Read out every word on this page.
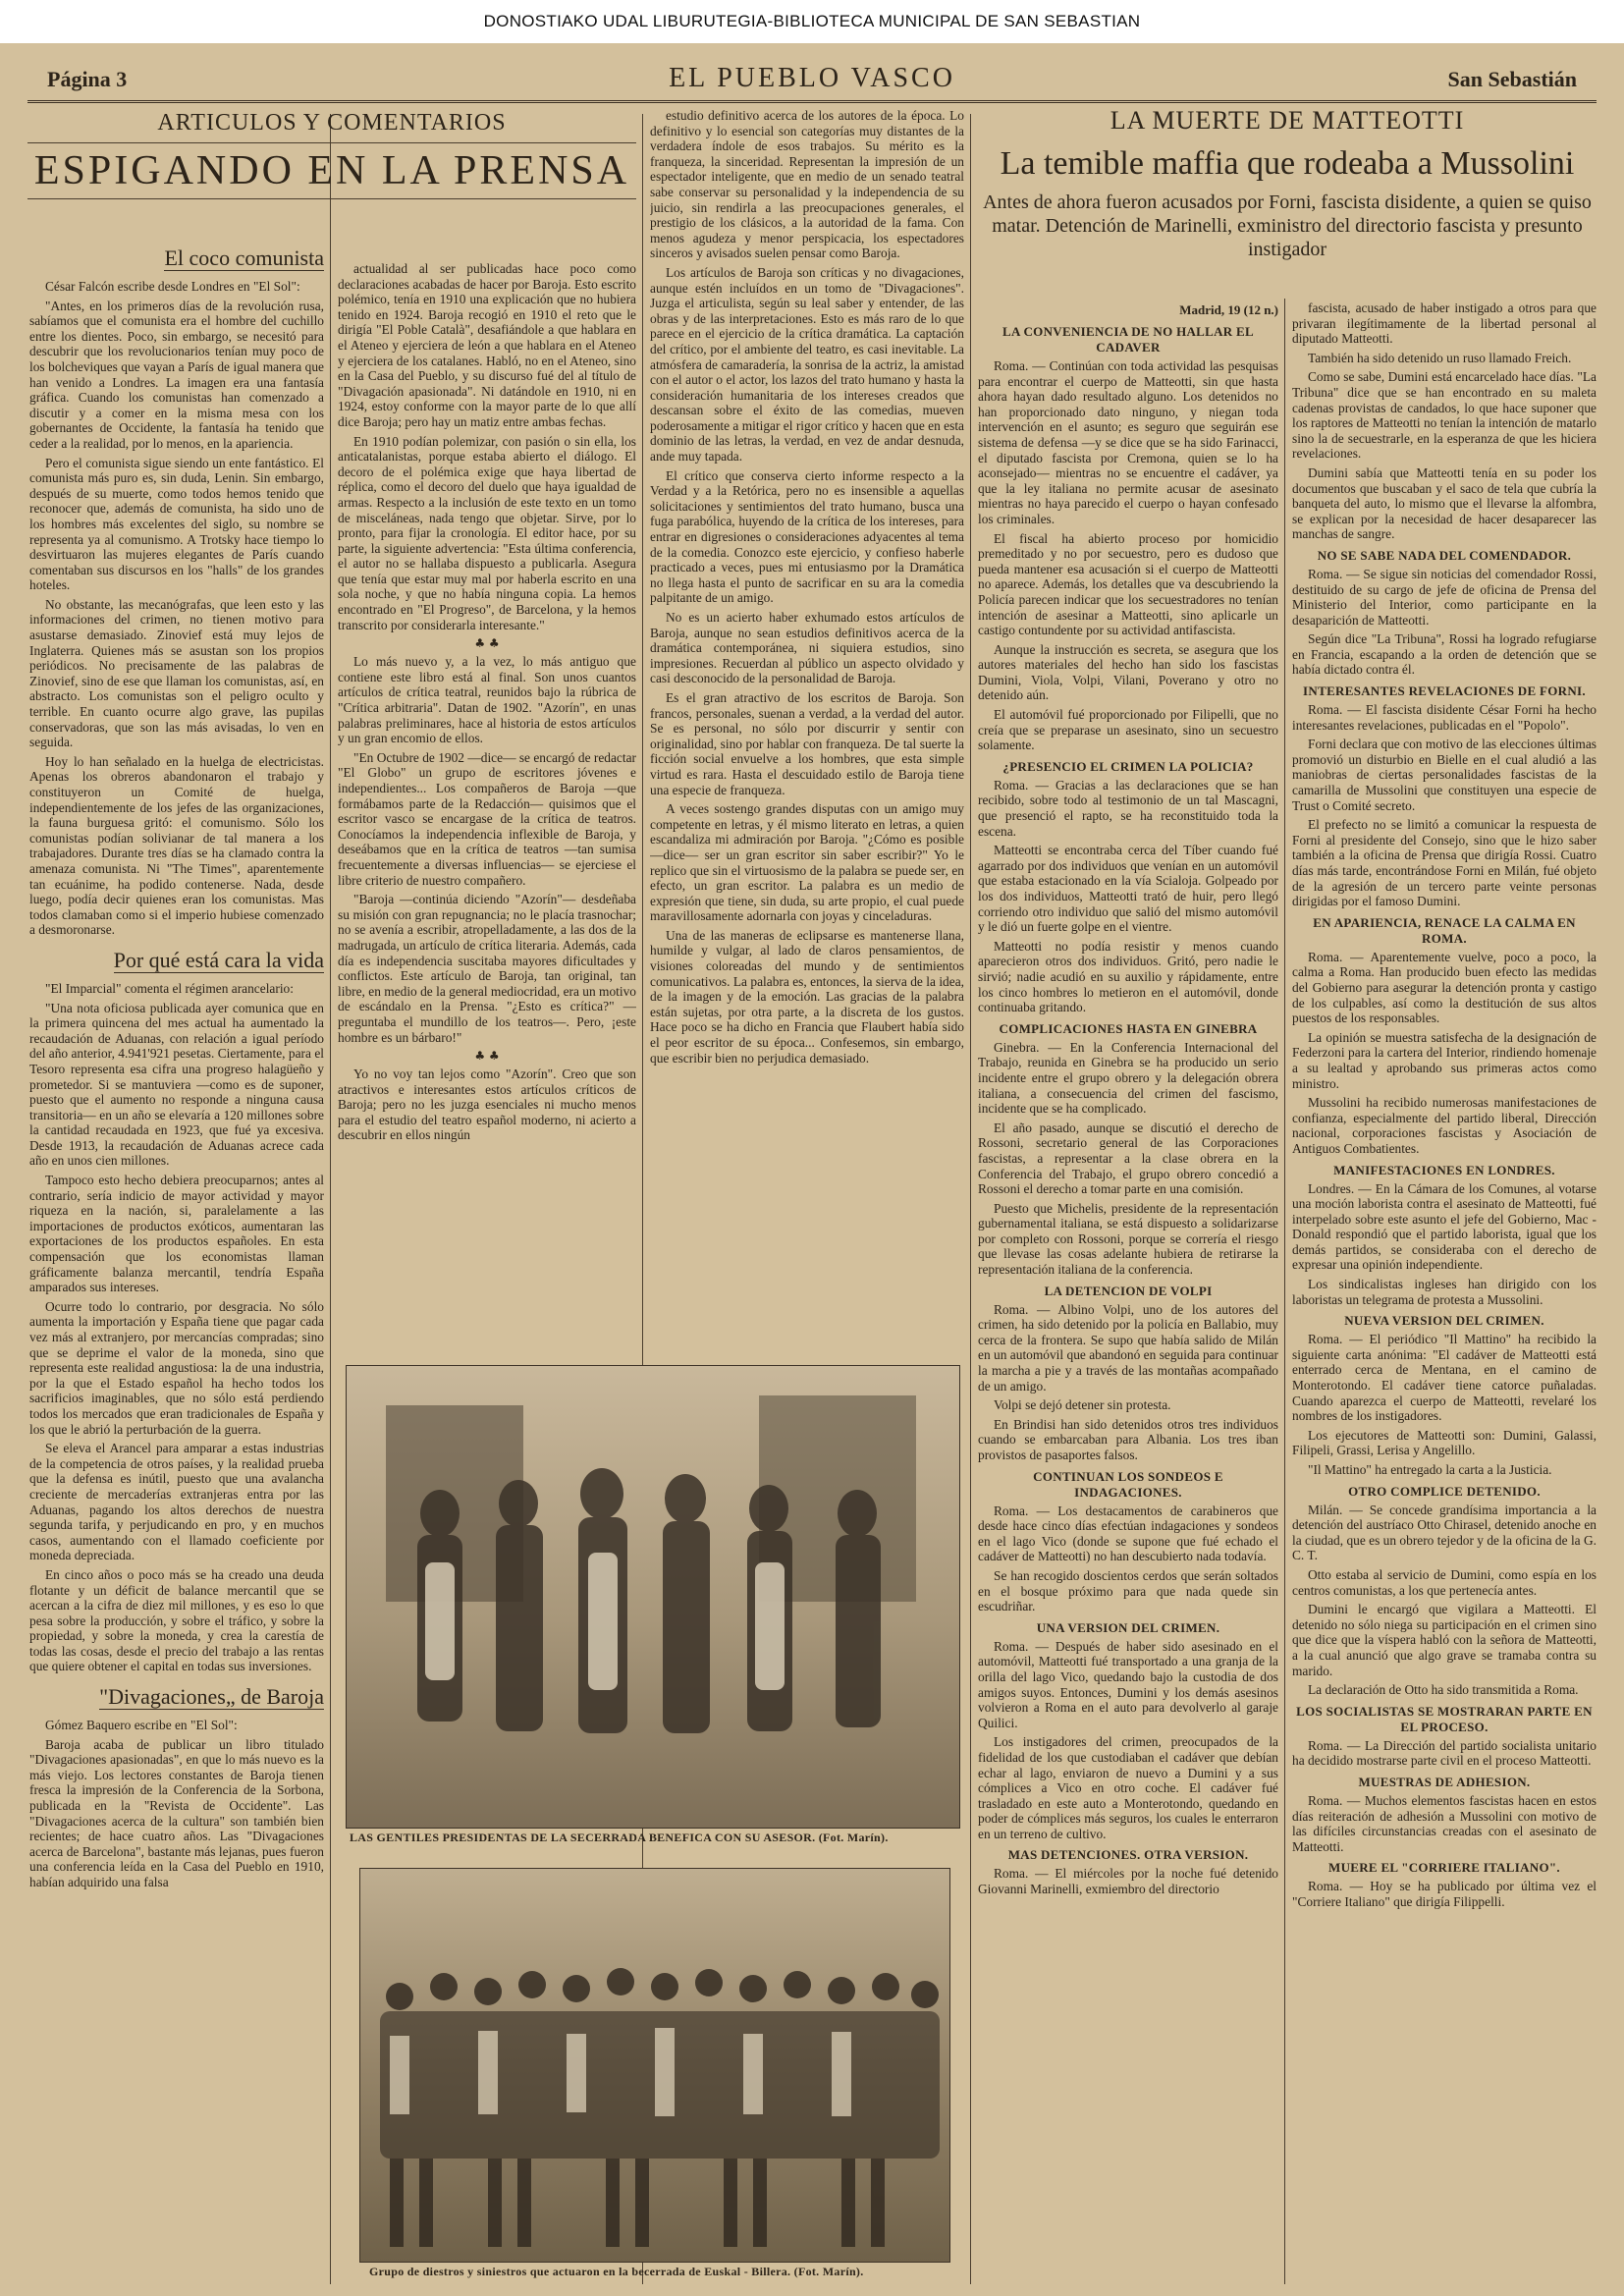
DONOSTIAKO UDAL LIBURUTEGIA-BIBLIOTECA MUNICIPAL DE SAN SEBASTIAN
Página 3	EL PUEBLO VASCO	San Sebastián
ARTICULOS Y COMENTARIOS
ESPIGANDO EN LA PRENSA
El coco comunista

César Falcón escribe desde Londres en "El Sol":

"Antes, en los primeros días de la revolución rusa, sabíamos que el comunista era el hombre del cuchillo entre los dientes. Poco, sin embargo, se necesitó para descubrir que los revolucionarios tenían muy poco de los bolcheviques que vayan a París de igual manera que han venido a Londres. La imagen era una fantasía gráfica. Cuando los comunistas han comenzado a discutir y a comer en la misma mesa con los gobernantes de Occidente, la fantasía ha tenido que ceder a la realidad, por lo menos, en la apariencia.

Pero el comunista sigue siendo un ente fantástico. El comunista más puro es, sin duda, Lenin. Sin embargo, después de su muerte, como todos hemos tenido que reconocer que, además de comunista, ha sido uno de los hombres más excelentes del siglo, su nombre se representa ya al comunismo. A Trotsky hace tiempo lo desvirtuaron las mujeres elegantes de París cuando comentaban sus discursos en los "halls" de los grandes hoteles.

No obstante, las mecanógrafas, que leen esto y las informaciones del crimen, no tienen motivo para asustarse demasiado. Zinovief está muy lejos de Inglaterra. Quienes más se asustan son los propios periódicos. No precisamente de las palabras de Zinovief, sino de ese que llaman los comunistas, así, en abstracto. Los comunistas son el peligro oculto y terrible. En cuanto ocurre algo grave, las pupilas conservadoras, que son las más avisadas, lo ven en seguida.

Hoy lo han señalado en la huelga de electricistas. Apenas los obreros abandonaron el trabajo y constituyeron un Comité de huelga, independientemente de los jefes de las organizaciones, la fauna burguesa gritó: el comunismo. Sólo los comunistas podían solivianar de tal manera a los trabajadores. Durante tres días se ha clamado contra la amenaza comunista. Ni "The Times", aparentemente tan ecuánime, ha podido contenerse. Nada, desde luego, podía decir quienes eran los comunistas. Mas todos clamaban como si el imperio hubiese comenzado a desmoronarse.

Por qué está cara la vida

"El Imparcial" comenta el régimen arancelario:

"Una nota oficiosa publicada ayer comunica que en la primera quincena del mes actual ha aumentado la recaudación de Aduanas, con relación a igual período del año anterior, 4.941'921 pesetas. Ciertamente, para el Tesoro representa esa cifra una progreso halagüeño y prometedor. Si se mantuviera —como es de suponer, puesto que el aumento no responde a ninguna causa transitoria— en un año se elevaría a 120 millones sobre la cantidad recaudada en 1923, que fué ya excesiva. Desde 1913, la recaudación de Aduanas acrece cada año en unos cien millones.

Tampoco esto hecho debiera preocuparnos; antes al contrario, sería indicio de mayor actividad y mayor riqueza en la nación, si, paralelamente a las importaciones de productos exóticos, aumentaran las exportaciones de los productos españoles. En esta compensación que los economistas llaman gráficamente balanza mercantil, tendría España amparados sus intereses.

Ocurre todo lo contrario, por desgracia. No sólo aumenta la importación y España tiene que pagar cada vez más al extranjero, por mercancías compradas; sino que se deprime el valor de la moneda, sino que representa este realidad angustiosa: la de una industria, por la que el Estado español ha hecho todos los sacrificios imaginables, que no sólo está perdiendo todos los mercados que eran tradicionales de España y los que le abrió la perturbación de la guerra.

Se eleva el Arancel para amparar a estas industrias de la competencia de otros países, y la realidad prueba que la defensa es inútil, puesto que una avalancha creciente de mercaderías extranjeras entra por las Aduanas, pagando los altos derechos de nuestra segunda tarifa, y perjudicando en pro, y en muchos casos, aumentando con el llamado coeficiente por moneda depreciada.

En cinco años o poco más se ha creado una deuda flotante y un déficit de balance mercantil que se acercan a la cifra de diez mil millones, y es eso lo que pesa sobre la producción, y sobre el tráfico, y sobre la propiedad, y sobre la moneda, y crea la carestía de todas las cosas, desde el precio del trabajo a las rentas que quiere obtener el capital en todas sus inversiones.

"Divagaciones„ de Baroja

Gómez Baquero escribe en "El Sol":

Baroja acaba de publicar un libro titulado "Divagaciones apasionadas", en que lo más nuevo es la más viejo. Los lectores constantes de Baroja tienen fresca la impresión de la Conferencia de la Sorbona, publicada en la "Revista de Occidente". Las "Divagaciones acerca de la cultura" son también bien recientes; de hace cuatro años. Las "Divagaciones acerca de Barcelona", bastante más lejanas, pues fueron una conferencia leída en la Casa del Pueblo en 1910, habían adquirido una falsa

actualidad al ser publicadas hace poco como declaraciones acabadas de hacer por Baroja. Esto escrito polémico, tenía en 1910 una explicación que no hubiera tenido en 1924. Baroja recogió en 1910 el reto que le dirigía "El Poble Català", desafiándole a que hablara en el Ateneo y ejerciera de león a que hablara en el Ateneo y ejerciera de los catalanes. Habló, no en el Ateneo, sino en la Casa del Pueblo, y su discurso fué del al título de "Divagación apasionada". Ni datándole en 1910, ni en 1924, estoy conforme con la mayor parte de lo que allí dice Baroja; pero hay un matiz entre ambas fechas.

En 1910 podían polemizar, con pasión o sin ella, los anticatalanistas, porque estaba abierto el diálogo. El decoro de el polémica exige que haya libertad de réplica, como el decoro del duelo que haya igualdad de armas. Respecto a la inclusión de este texto en un tomo de misceláneas, nada tengo que objetar. Sirve, por lo pronto, para fijar la cronología. El editor hace, por su parte, la siguiente advertencia: "Esta última conferencia, el autor no se hallaba dispuesto a publicarla. Asegura que tenía que estar muy mal por haberla escrito en una sola noche, y que no había ninguna copia. La hemos encontrado en "El Progreso", de Barcelona, y la hemos transcrito por considerarla interesante."

♣ ♣

Lo más nuevo y, a la vez, lo más antiguo que contiene este libro está al final. Son unos cuantos artículos de crítica teatral, reunidos bajo la rúbrica de "Crítica arbitraria". Datan de 1902. "Azorín", en unas palabras preliminares, hace al historia de estos artículos y un gran encomio de ellos.

"En Octubre de 1902 —dice— se encargó de redactar "El Globo" un grupo de escritores jóvenes e independientes... Los compañeros de Baroja —que formábamos parte de la Redacción— quisimos que el escritor vasco se encargase de la crítica de teatros. Conocíamos la independencia inflexible de Baroja, y deseábamos que en la crítica de teatros —tan sumisa frecuentemente a diversas influencias— se ejerciese el libre criterio de nuestro compañero.

"Baroja —continúa diciendo "Azorín"— desdeñaba su misión con gran repugnancia; no le placía trasnochar; no se avenía a escribir, atropelladamente, a las dos de la madrugada, un artículo de crítica literaria. Además, cada día es independencia suscitaba mayores dificultades y conflictos. Este artículo de Baroja, tan original, tan libre, en medio de la general mediocridad, era un motivo de escándalo en la Prensa. "¿Esto es crítica?" —preguntaba el mundillo de los teatros—. Pero, ¡este hombre es un bárbaro!"

♣ ♣

Yo no voy tan lejos como "Azorín". Creo que son atractivos e interesantes estos artículos críticos de Baroja; pero no les juzga esenciales ni mucho menos para el estudio del teatro español moderno, ni acierto a descubrir en ellos ningún

estudio definitivo acerca de los autores de la época. Lo definitivo y lo esencial son categorías muy distantes de la verdadera índole de esos trabajos. Su mérito es la franqueza, la sinceridad. Representan la impresión de un espectador inteligente, que en medio de un senado teatral sabe conservar su personalidad y la independencia de su juicio, sin rendirla a las preocupaciones generales, el prestigio de los clásicos, a la autoridad de la fama. Con menos agudeza y menor perspicacia, los espectadores sinceros y avisados suelen pensar como Baroja.

Los artículos de Baroja son críticas y no divagaciones, aunque estén incluídos en un tomo de "Divagaciones". Juzga el articulista, según su leal saber y entender, de las obras y de las interpretaciones. Esto es más raro de lo que parece en el ejercicio de la crítica dramática. La captación del crítico, por el ambiente del teatro, es casi inevitable. La atmósfera de camaradería, la sonrisa de la actriz, la amistad con el autor o el actor, los lazos del trato humano y hasta la consideración humanitaria de los intereses creados que descansan sobre el éxito de las comedias, mueven poderosamente a mitigar el rigor crítico y hacen que en esta dominio de las letras, la verdad, en vez de andar desnuda, ande muy tapada.

El crítico que conserva cierto informe respecto a la Verdad y a la Retórica, pero no es insensible a aquellas solicitaciones y sentimientos del trato humano, busca una fuga parabólica, huyendo de la crítica de los intereses, para entrar en digresiones o consideraciones adyacentes al tema de la comedia. Conozco este ejercicio, y confieso haberle practicado a veces, pues mi entusiasmo por la Dramática no llega hasta el punto de sacrificar en su ara la comedia palpitante de un amigo.

No es un acierto haber exhumado estos artículos de Baroja, aunque no sean estudios definitivos acerca de la dramática contemporánea, ni siquiera estudios, sino impresiones. Recuerdan al público un aspecto olvidado y casi desconocido de la personalidad de Baroja.

Es el gran atractivo de los escritos de Baroja. Son francos, personales, suenan a verdad, a la verdad del autor. Se es personal, no sólo por discurrir y sentir con originalidad, sino por hablar con franqueza. De tal suerte la ficción social envuelve a los hombres, que esta simple virtud es rara. Hasta el descuidado estilo de Baroja tiene una especie de franqueza.

A veces sostengo grandes disputas con un amigo muy competente en letras, y él mismo literato en letras, a quien escandaliza mi admiración por Baroja. "¿Cómo es posible —dice— ser un gran escritor sin saber escribir?" Yo le replico que sin el virtuosismo de la palabra se puede ser, en efecto, un gran escritor. La palabra es un medio de expresión que tiene, sin duda, su arte propio, el cual puede maravillosamente adornarla con joyas y cinceladuras.

Una de las maneras de eclipsarse es mantenerse llana, humilde y vulgar, al lado de claros pensamientos, de visiones coloreadas del mundo y de sentimientos comunicativos. La palabra es, entonces, la sierva de la idea, de la imagen y de la emoción. Las gracias de la palabra están sujetas, por otra parte, a la discreta de los gustos. Hace poco se ha dicho en Francia que Flaubert había sido el peor escritor de su época... Confesemos, sin embargo, que escribir bien no perjudica demasiado.

LAS GENTILES PRESIDENTAS DE LA SECERRADA BENEFICA CON SU ASESOR. (Fot. Marín).
Grupo de diestros y siniestros que actuaron en la becerrada de Euskal - Billera. (Fot. Marín).
LA MUERTE DE MATTEOTTI
La temible maffia que rodeaba a Mussolini
Antes de ahora fueron acusados por Forni, fascista disidente, a quien se quiso matar. Detención de Marinelli, exministro del directorio fascista y presunto instigador
Madrid, 19 (12 n.)
LA CONVENIENCIA DE NO HALLAR EL CADAVER

Roma. — Continúan con toda actividad las pesquisas para encontrar el cuerpo de Matteotti, sin que hasta ahora hayan dado resultado alguno. Los detenidos no han proporcionado dato ninguno, y niegan toda intervención en el asunto; es seguro que seguirán ese sistema de defensa —y se dice que se ha sido Farinacci, el diputado fascista por Cremona, quien se lo ha aconsejado— mientras no se encuentre el cadáver, ya que la ley italiana no permite acusar de asesinato mientras no haya parecido el cuerpo o hayan confesado los criminales.

El fiscal ha abierto proceso por homicidio premeditado y no por secuestro, pero es dudoso que pueda mantener esa acusación si el cuerpo de Matteotti no aparece. Además, los detalles que va descubriendo la Policía parecen indicar que los secuestradores no tenían intención de asesinar a Matteotti, sino aplicarle un castigo contundente por su actividad antifascista.

Aunque la instrucción es secreta, se asegura que los autores materiales del hecho han sido los fascistas Dumini, Viola, Volpi, Vilani, Poverano y otro no detenido aún.

El automóvil fué proporcionado por Filipelli, que no creía que se preparase un asesinato, sino un secuestro solamente.

¿PRESENCIO EL CRIMEN LA POLICIA?

Roma. — Gracias a las declaraciones que se han recibido, sobre todo al testimonio de un tal Mascagni, que presenció el rapto, se ha reconstituido toda la escena.

Matteotti se encontraba cerca del Tíber cuando fué agarrado por dos individuos que venían en un automóvil que estaba estacionado en la vía Scialoja. Golpeado por los dos individuos, Matteotti trató de huir, pero llegó corriendo otro individuo que salió del mismo automóvil y le dió un fuerte golpe en el vientre.

Matteotti no podía resistir y menos cuando aparecieron otros dos individuos. Gritó, pero nadie le sirvió; nadie acudió en su auxilio y rápidamente, entre los cinco hombres lo metieron en el automóvil, donde continuaba gritando.

COMPLICACIONES HASTA EN GINEBRA

Ginebra. — En la Conferencia Internacional del Trabajo, reunida en Ginebra se ha producido un serio incidente entre el grupo obrero y la delegación obrera italiana, a consecuencia del crimen del fascismo, incidente que se ha complicado.

El año pasado, aunque se discutió el derecho de Rossoni, secretario general de las Corporaciones fascistas, a representar a la clase obrera en la Conferencia del Trabajo, el grupo obrero concedió a Rossoni el derecho a tomar parte en una comisión.

Puesto que Michelis, presidente de la representación gubernamental italiana, se está dispuesto a solidarizarse por completo con Rossoni, porque se correría el riesgo que llevase las cosas adelante hubiera de retirarse la representación italiana de la conferencia.

LA DETENCION DE VOLPI

Roma. — Albino Volpi, uno de los autores del crimen, ha sido detenido por la policía en Ballabio, muy cerca de la frontera. Se supo que había salido de Milán en un automóvil que abandonó en seguida para continuar la marcha a pie y a través de las montañas acompañado de un amigo.

Volpi se dejó detener sin protesta.

En Brindisi han sido detenidos otros tres individuos cuando se embarcaban para Albania. Los tres iban provistos de pasaportes falsos.

CONTINUAN LOS SONDEOS E INDAGACIONES.

Roma. — Los destacamentos de carabineros que desde hace cinco días efectúan indagaciones y sondeos en el lago Vico (donde se supone que fué echado el cadáver de Matteotti) no han descubierto nada todavía.

Se han recogido doscientos cerdos que serán soltados en el bosque próximo para que nada quede sin escudriñar.

UNA VERSION DEL CRIMEN.

Roma. — Después de haber sido asesinado en el automóvil, Matteotti fué transportado a una granja de la orilla del lago Vico, quedando bajo la custodia de dos amigos suyos. Entonces, Dumini y los demás asesinos volvieron a Roma en el auto para devolverlo al garaje Quilici.

Los instigadores del crimen, preocupados de la fidelidad de los que custodiaban el cadáver que debían echar al lago, enviaron de nuevo a Dumini y a sus cómplices a Vico en otro coche. El cadáver fué trasladado en este auto a Monterotondo, quedando en poder de cómplices más seguros, los cuales le enterraron en un terreno de cultivo.

MAS DETENCIONES. OTRA VERSION.

Roma. — El miércoles por la noche fué detenido Giovanni Marinelli, exmiembro del directorio

fascista, acusado de haber instigado a otros para que privaran ilegítimamente de la libertad personal al diputado Matteotti.

También ha sido detenido un ruso llamado Freich.

Como se sabe, Dumini está encarcelado hace días. "La Tribuna" dice que se han encontrado en su maleta cadenas provistas de candados, lo que hace suponer que los raptores de Matteotti no tenían la intención de matarlo sino la de secuestrarle, en la esperanza de que les hiciera revelaciones.

Dumini sabía que Matteotti tenía en su poder los documentos que buscaban y el saco de tela que cubría la banqueta del auto, lo mismo que el llevarse la alfombra, se explican por la necesidad de hacer desaparecer las manchas de sangre.

NO SE SABE NADA DEL COMENDADOR.

Roma. — Se sigue sin noticias del comendador Rossi, destituido de su cargo de jefe de oficina de Prensa del Ministerio del Interior, como participante en la desaparición de Matteotti.

Según dice "La Tribuna", Rossi ha logrado refugiarse en Francia, escapando a la orden de detención que se había dictado contra él.

INTERESANTES REVELACIONES DE FORNI.

Roma. — El fascista disidente César Forni ha hecho interesantes revelaciones, publicadas en el "Popolo".

Forni declara que con motivo de las elecciones últimas promovió un disturbio en Bielle en el cual aludió a las maniobras de ciertas personalidades fascistas de la camarilla de Mussolini que constituyen una especie de Trust o Comité secreto.

El prefecto no se limitó a comunicar la respuesta de Forni al presidente del Consejo, sino que le hizo saber también a la oficina de Prensa que dirigía Rossi. Cuatro días más tarde, encontrándose Forni en Milán, fué objeto de la agresión de un tercero parte veinte personas dirigidas por el famoso Dumini.

EN APARIENCIA, RENACE LA CALMA EN ROMA.

Roma. — Aparentemente vuelve, poco a poco, la calma a Roma. Han producido buen efecto las medidas del Gobierno para asegurar la detención pronta y castigo de los culpables, así como la destitución de sus altos puestos de los responsables.

La opinión se muestra satisfecha de la designación de Federzoni para la cartera del Interior, rindiendo homenaje a su lealtad y aprobando sus primeras actos como ministro.

Mussolini ha recibido numerosas manifestaciones de confianza, especialmente del partido liberal, Dirección nacional, corporaciones fascistas y Asociación de Antiguos Combatientes.

MANIFESTACIONES EN LONDRES.

Londres. — En la Cámara de los Comunes, al votarse una moción laborista contra el asesinato de Matteotti, fué interpelado sobre este asunto el jefe del Gobierno, Mac - Donald respondió que el partido laborista, igual que los demás partidos, se consideraba con el derecho de expresar una opinión independiente.

Los sindicalistas ingleses han dirigido con los laboristas un telegrama de protesta a Mussolini.

NUEVA VERSION DEL CRIMEN.

Roma. — El periódico "Il Mattino" ha recibido la siguiente carta anónima: "El cadáver de Matteotti está enterrado cerca de Mentana, en el camino de Monterotondo. El cadáver tiene catorce puñaladas. Cuando aparezca el cuerpo de Matteotti, revelaré los nombres de los instigadores.

Los ejecutores de Matteotti son: Dumini, Galassi, Filipeli, Grassi, Lerisa y Angelillo.

"Il Mattino" ha entregado la carta a la Justicia.

OTRO COMPLICE DETENIDO.

Milán. — Se concede grandísima importancia a la detención del austríaco Otto Chirasel, detenido anoche en la ciudad, que es un obrero tejedor y de la oficina de la G. C. T.

Otto estaba al servicio de Dumini, como espía en los centros comunistas, a los que pertenecía antes.

Dumini le encargó que vigilara a Matteotti. El detenido no sólo niega su participación en el crimen sino que dice que la víspera habló con la señora de Matteotti, a la cual anunció que algo grave se tramaba contra su marido.

La declaración de Otto ha sido transmitida a Roma.

LOS SOCIALISTAS SE MOSTRARAN PARTE EN EL PROCESO.

Roma. — La Dirección del partido socialista unitario ha decidido mostrarse parte civil en el proceso Matteotti.

MUESTRAS DE ADHESION.

Roma. — Muchos elementos fascistas hacen en estos días reiteración de adhesión a Mussolini con motivo de las difíciles circunstancias creadas con el asesinato de Matteotti.

MUERE EL "CORRIERE ITALIANO".

Roma. — Hoy se ha publicado por última vez el "Corriere Italiano" que dirigía Filippelli.
